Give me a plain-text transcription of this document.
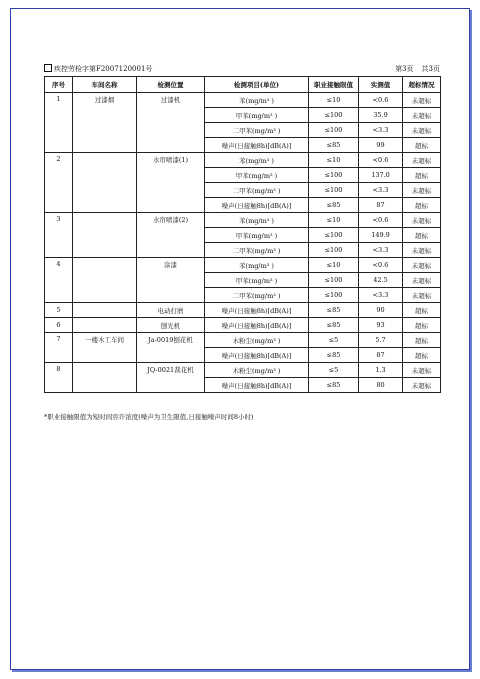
疾控劳检字第F2007120001号	第3页 共3页
序号	车间名称	检测位置	检测项目(单位)	职业接触限值	实测值	超标情况
1	过漆烟	过漆机	苯(mg/m³ )	≤10	<0.6	未超标
			甲苯(mg/m³ )	≤100	35.9	未超标
			二甲苯(mg/m³ )	≤100	<3.3	未超标
			噪声(日接触8h)[dB(A)]	≤85	99	超标
2		水帘喷漆(1)	苯(mg/m³ )	≤10	<0.6	未超标
			甲苯(mg/m³ )	≤100	137.0	超标
			二甲苯(mg/m³ )	≤100	<3.3	未超标
			噪声(日接触8h)[dB(A)]	≤85	87	超标
3		水帘喷漆(2)	苯(mg/m³ )	≤10	<0.6	未超标
			甲苯(mg/m³ )	≤100	149.9	超标
			二甲苯(mg/m³ )	≤100	<3.3	未超标
4		涂漆	苯(mg/m³ )	≤10	<0.6	未超标
			甲苯(mg/m³ )	≤100	42.5	未超标
			二甲苯(mg/m³ )	≤100	<3.3	未超标
5		电动打磨	噪声(日接触8h)[dB(A)]	≤85	90	超标
6		刨光机	噪声(日接触8h)[dB(A)]	≤85	93	超标
7	一楼木工车间	Ja-0019刨花机	木粉尘(mg/m³ )	≤5	5.7	超标
			噪声(日接触8h)[dB(A)]	≤85	87	超标
8		JQ-0021裁花机	木粉尘(mg/m³ )	≤5	1.3	未超标
			噪声(日接触8h)[dB(A)]	≤85	80	未超标
*职业接触限值为短时间容许浓度(噪声为卫生限值,日接触噪声时间8小时)
